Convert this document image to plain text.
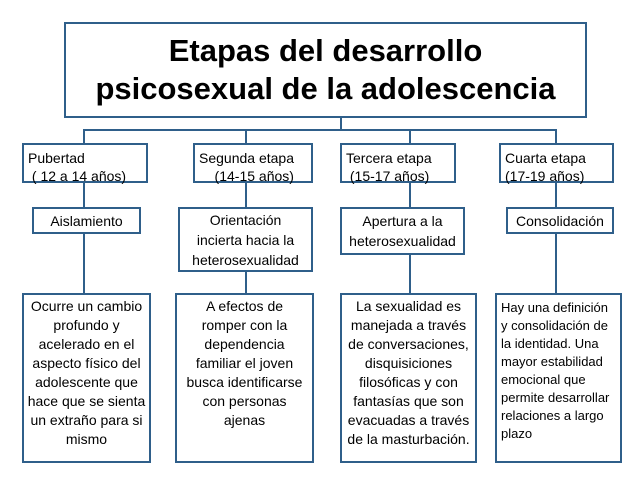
Etapas del desarrollo
psicosexual de la adolescencia
Pubertad
( 12 a 14 años)
Segunda etapa
(14-15 años)
Tercera etapa
(15-17 años)
Cuarta etapa
(17-19 años)
Aislamiento	Orientación incierta hacia la heterosexualidad
Apertura a la heterosexualidad
Consolidación
Ocurre un cambio profundo y acelerado en el aspecto físico del adolescente que hace que se sienta un extraño para si mismo
A efectos de romper con la dependencia familiar el joven busca identificarse con personas ajenas
La sexualidad es manejada a través de conversaciones, disquisiciones filosóficas y con fantasías que son evacuadas a través de la masturbación.
Hay una definición y consolidación de la identidad. Una mayor estabilidad emocional que permite desarrollar relaciones a largo plazo
